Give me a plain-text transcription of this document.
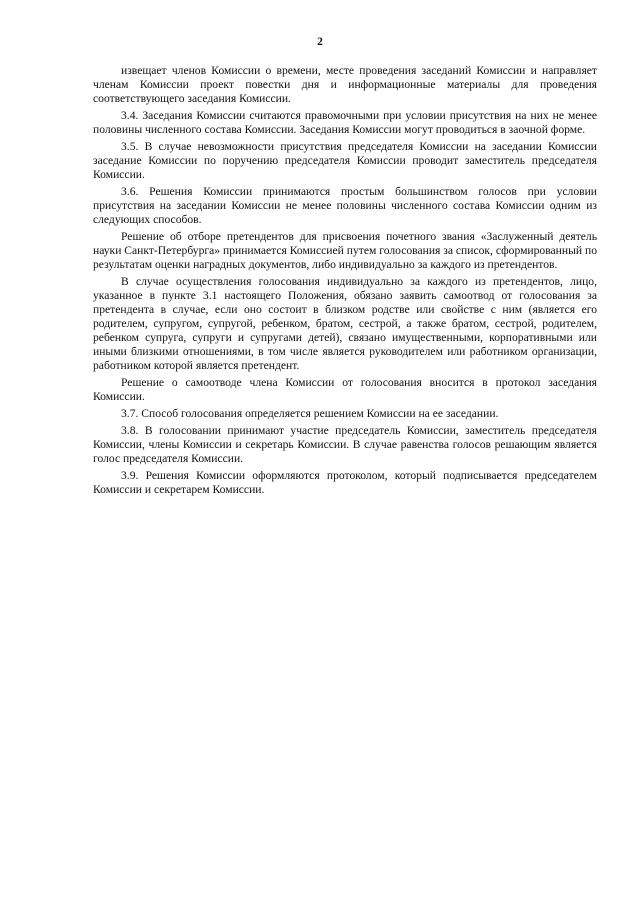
2

извещает членов Комиссии о времени, месте проведения заседаний Комиссии и направляет членам Комиссии проект повестки дня и информационные материалы для проведения соответствующего заседания Комиссии.

3.4. Заседания Комиссии считаются правомочными при условии присутствия на них не менее половины численного состава Комиссии. Заседания Комиссии могут проводиться в заочной форме.

3.5. В случае невозможности присутствия председателя Комиссии на заседании Комиссии заседание Комиссии по поручению председателя Комиссии проводит заместитель председателя Комиссии.

3.6. Решения Комиссии принимаются простым большинством голосов при условии присутствия на заседании Комиссии не менее половины численного состава Комиссии одним из следующих способов.

Решение об отборе претендентов для присвоения почетного звания «Заслуженный деятель науки Санкт-Петербурга» принимается Комиссией путем голосования за список, сформированный по результатам оценки наградных документов, либо индивидуально за каждого из претендентов.

В случае осуществления голосования индивидуально за каждого из претендентов, лицо, указанное в пункте 3.1 настоящего Положения, обязано заявить самоотвод от голосования за претендента в случае, если оно состоит в близком родстве или свойстве с ним (является его родителем, супругом, супругой, ребенком, братом, сестрой, а также братом, сестрой, родителем, ребенком супруга, супруги и супругами детей), связано имущественными, корпоративными или иными близкими отношениями, в том числе является руководителем или работником организации, работником которой является претендент.

Решение о самоотводе члена Комиссии от голосования вносится в протокол заседания Комиссии.

3.7. Способ голосования определяется решением Комиссии на ее заседании.

3.8. В голосовании принимают участие председатель Комиссии, заместитель председателя Комиссии, члены Комиссии и секретарь Комиссии. В случае равенства голосов решающим является голос председателя Комиссии.

3.9. Решения Комиссии оформляются протоколом, который подписывается председателем Комиссии и секретарем Комиссии.
